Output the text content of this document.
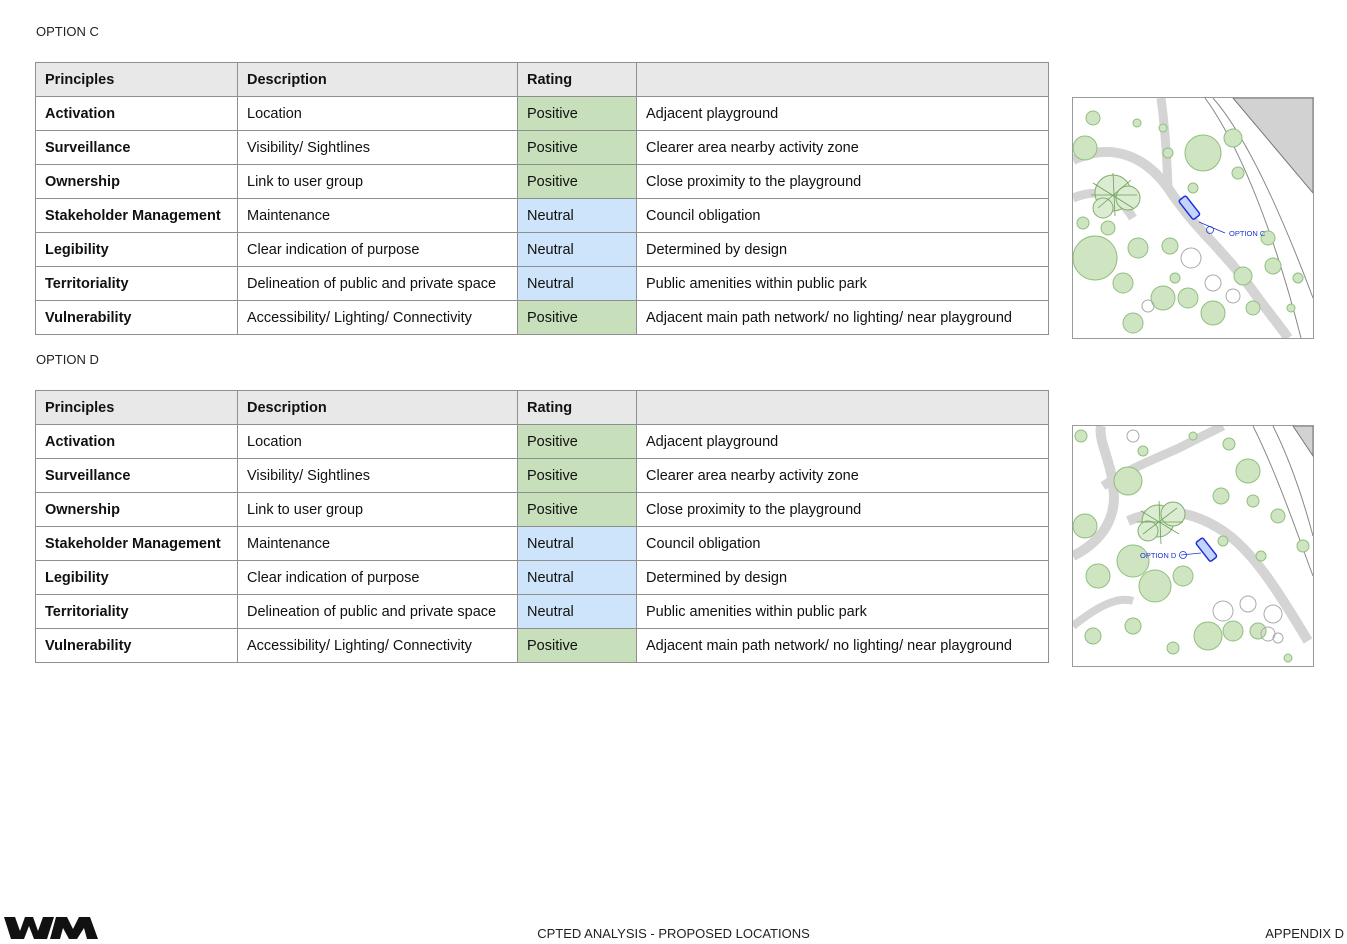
OPTION C
Principles	Description	Rating	
Activation	Location	Positive	Adjacent playground
Surveillance	Visibility/ Sightlines	Positive	Clearer area nearby activity zone
Ownership	Link to user group	Positive	Close proximity to the playground
Stakeholder Management	Maintenance	Neutral	Council obligation
Legibility	Clear indication of purpose	Neutral	Determined by design
Territoriality	Delineation of public and private space	Neutral	Public amenities within public park
Vulnerability	Accessibility/ Lighting/ Connectivity	Positive	Adjacent main path network/ no lighting/ near playground
OPTION C
OPTION D
Principles	Description	Rating	
Activation	Location	Positive	Adjacent playground
Surveillance	Visibility/ Sightlines	Positive	Clearer area nearby activity zone
Ownership	Link to user group	Positive	Close proximity to the playground
Stakeholder Management	Maintenance	Neutral	Council obligation
Legibility	Clear indication of purpose	Neutral	Determined by design
Territoriality	Delineation of public and private space	Neutral	Public amenities within public park
Vulnerability	Accessibility/ Lighting/ Connectivity	Positive	Adjacent main path network/ no lighting/ near playground
OPTION D
CPTED ANALYSIS - PROPOSED LOCATIONS	APPENDIX D
